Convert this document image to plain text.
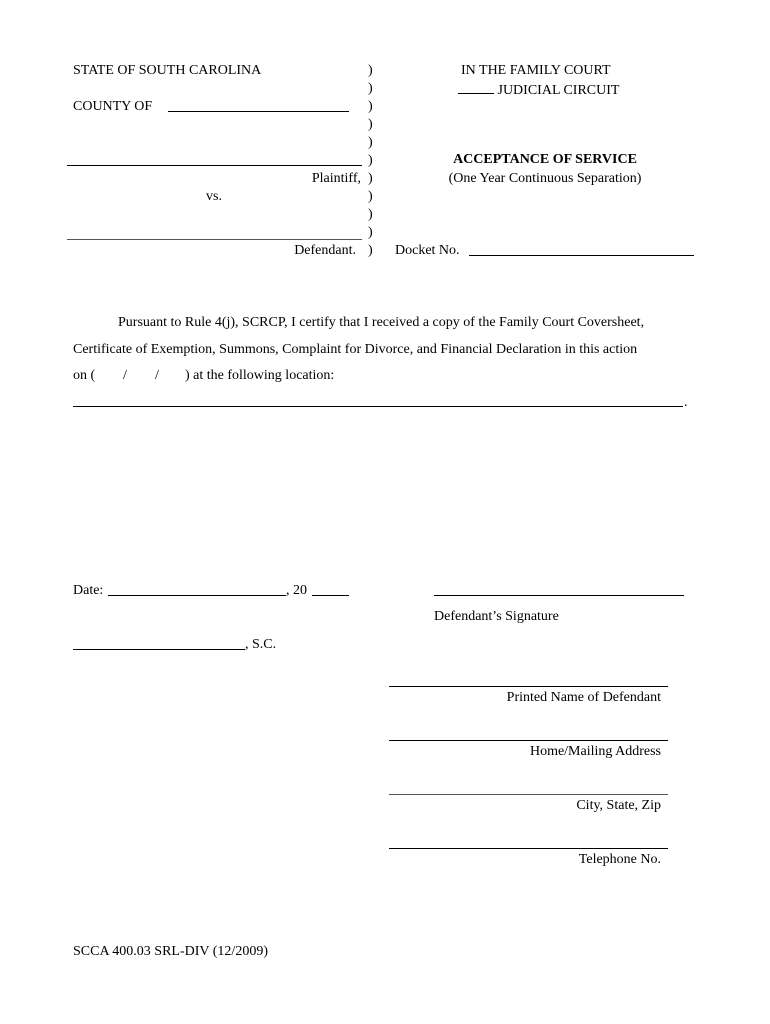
STATE OF SOUTH CAROLINA
COUNTY OF
Plaintiff,
vs.
Defendant.
)
)
)
)
)
)
)
)
)
)
)
IN THE FAMILY COURT
JUDICIAL CIRCUIT
ACCEPTANCE OF SERVICE
(One Year Continuous Separation)
Docket No.
Pursuant to Rule 4(j), SCRCP, I certify that I received a copy of the Family Court Coversheet,
Certificate of Exemption, Summons, Complaint for Divorce, and Financial Declaration in this action
on ( / / ) at the following location:
.
Date:	, 20
Defendant’s Signature
, S.C.
Printed Name of Defendant
Home/Mailing Address
City, State, Zip
Telephone No.
SCCA 400.03 SRL-DIV (12/2009)
